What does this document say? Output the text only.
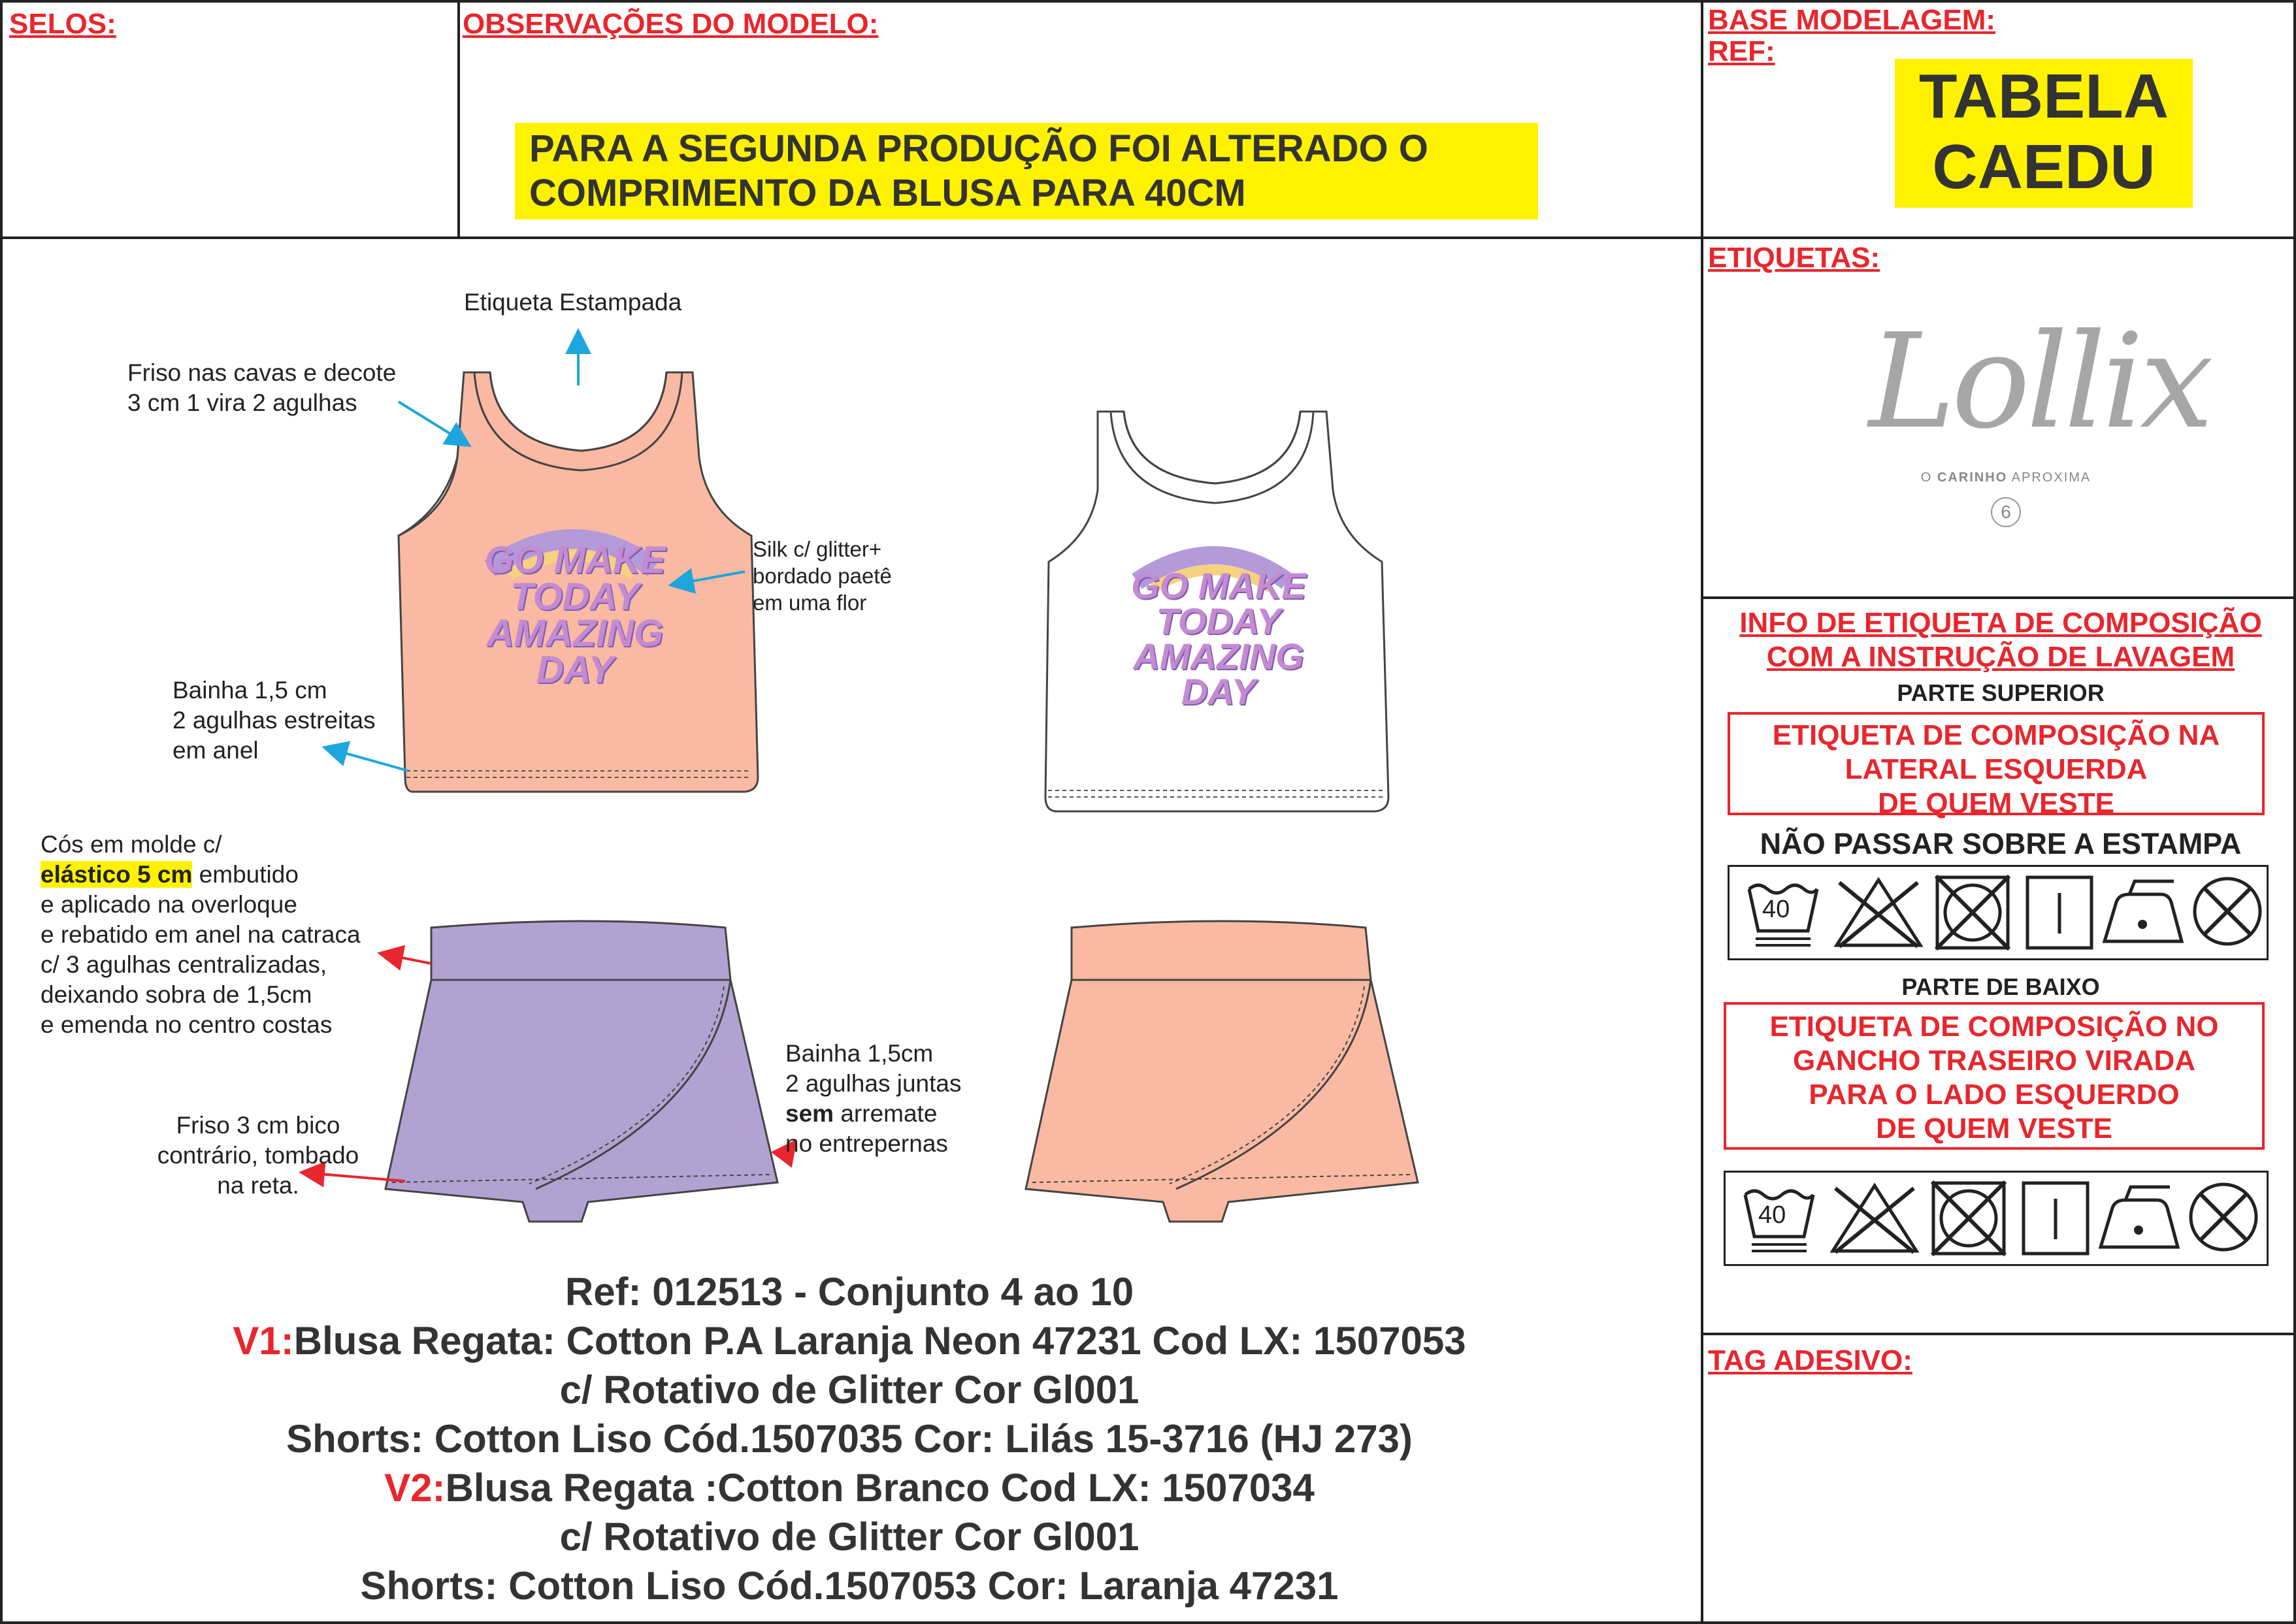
SELOS:	OBSERVAÇÕES DO MODELO:
PARA A SEGUNDA PRODUÇÃO FOI ALTERADO O
COMPRIMENTO DA BLUSA PARA 40CM
BASE MODELAGEM:
REF:
TABELA
CAEDU
ETIQUETAS:
Lollix
O CARINHO APROXIMA
6
INFO DE ETIQUETA DE COMPOSIÇÃO
COM A INSTRUÇÃO DE LAVAGEM
PARTE SUPERIOR
ETIQUETA DE COMPOSIÇÃO NA
LATERAL ESQUERDA
DE QUEM VESTE
NÃO PASSAR SOBRE A ESTAMPA
40
PARTE DE BAIXO
ETIQUETA DE COMPOSIÇÃO NO
GANCHO TRASEIRO VIRADA
PARA O LADO ESQUERDO
DE QUEM VESTE
40
TAG ADESIVO:
GO MAKE
TODAY
AMAZING
DAY
GO MAKE
TODAY
AMAZING
DAY
Etiqueta Estampada
Friso nas cavas e decote
3 cm 1 vira 2 agulhas
Silk c/ glitter+
bordado paetê
em uma flor
Bainha 1,5 cm
2 agulhas estreitas
em anel
Cós em molde c/
elástico 5 cm embutido
e aplicado na overloque
e rebatido em anel na catraca
c/ 3 agulhas centralizadas,
deixando sobra de 1,5cm
e emenda no centro costas
Friso 3 cm bico
contrário, tombado
na reta.
Bainha 1,5cm
2 agulhas juntas
sem arremate
no entrepernas
Ref: 012513 - Conjunto 4 ao 10
V1:Blusa Regata: Cotton P.A Laranja Neon 47231 Cod LX: 1507053
c/ Rotativo de Glitter Cor Gl001
Shorts: Cotton Liso Cód.1507035 Cor: Lilás 15-3716 (HJ 273)
V2:Blusa Regata :Cotton Branco Cod LX: 1507034
c/ Rotativo de Glitter Cor Gl001
Shorts: Cotton Liso Cód.1507053 Cor: Laranja 47231
